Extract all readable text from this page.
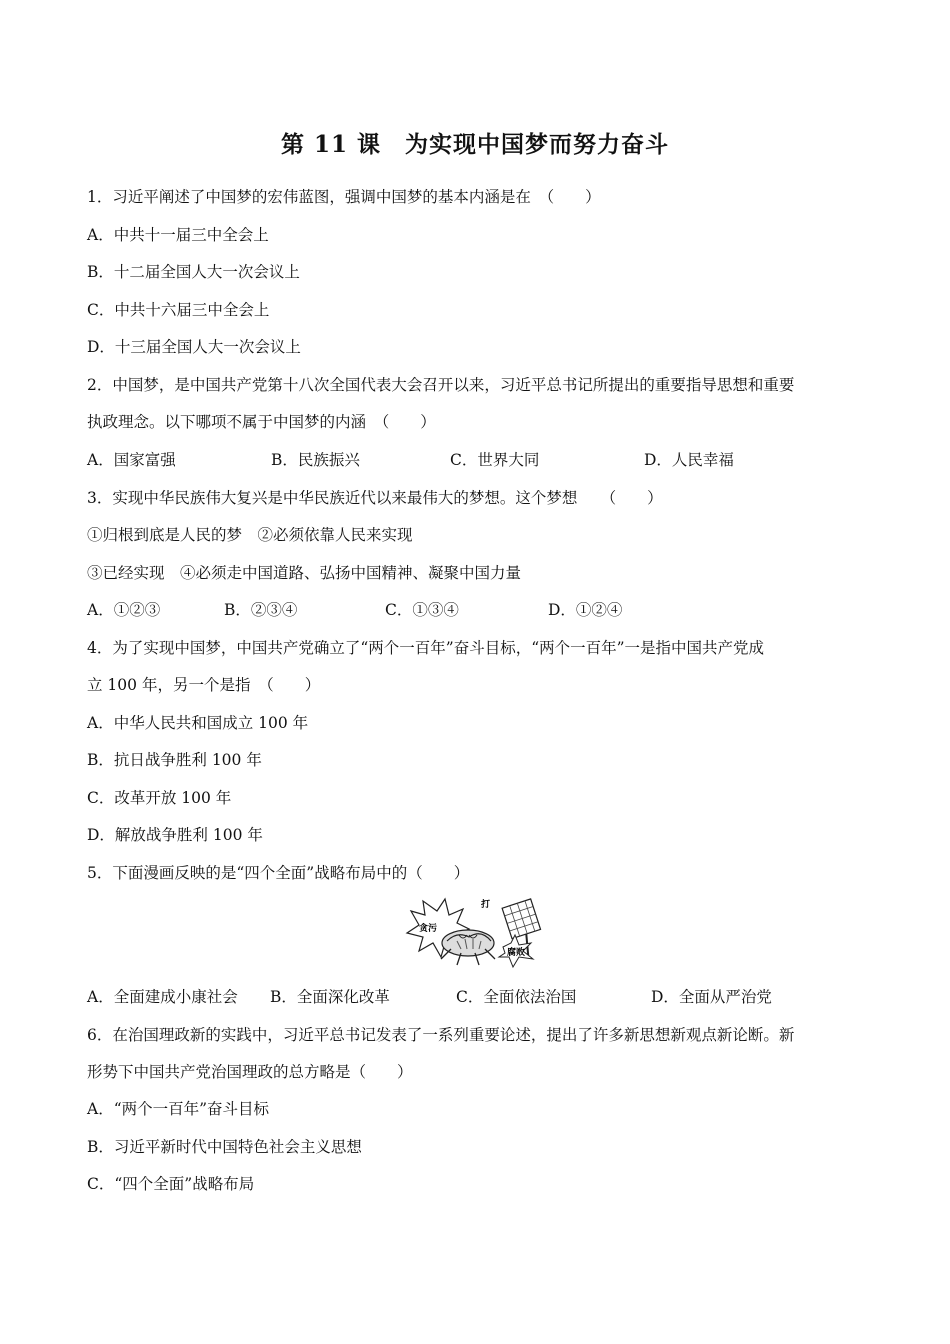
第 11 课　为实现中国梦而努力奋斗
1．习近平阐述了中国梦的宏伟蓝图，强调中国梦的基本内涵是在　（　　）
A．中共十一届三中全会上
B．十二届全国人大一次会议上
C．中共十六届三中全会上
D．十三届全国人大一次会议上
2．中国梦，是中国共产党第十八次全国代表大会召开以来，习近平总书记所提出的重要指导思想和重要
执政理念。以下哪项不属于中国梦的内涵　（　　）
A．国家富强	B．民族振兴	C．世界大同	D．人民幸福
3．实现中华民族伟大复兴是中华民族近代以来最伟大的梦想。这个梦想　　（　　）
①归根到底是人民的梦　②必须依靠人民来实现
③已经实现　④必须走中国道路、弘扬中国精神、凝聚中国力量
A．①②③	B．②③④	C．①③④	D．①②④
4．为了实现中国梦，中国共产党确立了“两个一百年”奋斗目标，“两个一百年”一是指中国共产党成
立 100 年，另一个是指　（　　）
A．中华人民共和国成立 100 年
B．抗日战争胜利 100 年
C．改革开放 100 年
D．解放战争胜利 100 年
5．下面漫画反映的是“四个全面”战略布局中的（　　）
打
贪污
腐败
A．全面建成小康社会 B．全面深化改革	C．全面依法治国	D．全面从严治党
6．在治国理政新的实践中，习近平总书记发表了一系列重要论述，提出了许多新思想新观点新论断。新
形势下中国共产党治国理政的总方略是（　　）
A．“两个一百年”奋斗目标
B．习近平新时代中国特色社会主义思想
C．“四个全面”战略布局
